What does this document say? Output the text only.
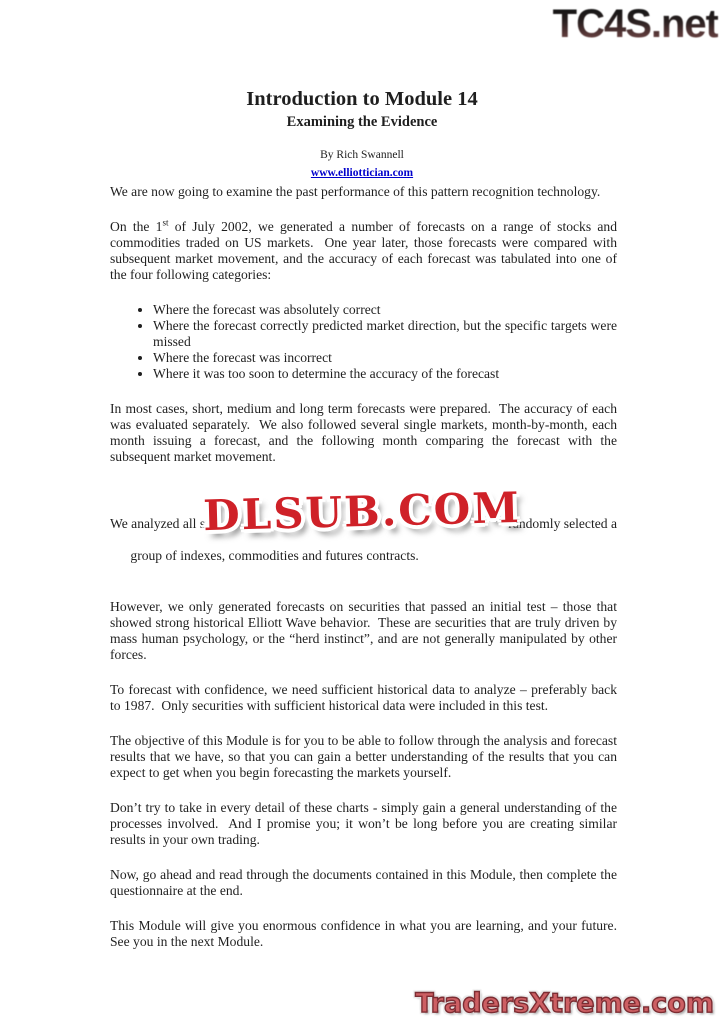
TC4S.net
Introduction to Module 14
Examining the Evidence
By Rich Swannell
www.elliottician.com

We are now going to examine the past performance of this pattern recognition technology.

On the 1st of July 2002, we generated a number of forecasts on a range of stocks and commodities traded on US markets.  One year later, those forecasts were compared with subsequent market movement, and the accuracy of each forecast was tabulated into one of the four following categories:

• Where the forecast was absolutely correct
• Where the forecast correctly predicted market direction, but the specific targets were missed
• Where the forecast was incorrect
• Where it was too soon to determine the accuracy of the forecast

In most cases, short, medium and long term forecasts were prepared.  The accuracy of each was evaluated separately.  We also followed several single markets, month-by-month, each month issuing a forecast, and the following month comparing the forecast with the subsequent market movement.

We analyzed all sto	randomly selected a

group of indexes, commodities and futures contracts.

However, we only generated forecasts on securities that passed an initial test – those that showed strong historical Elliott Wave behavior.  These are securities that are truly driven by mass human psychology, or the “herd instinct”, and are not generally manipulated by other forces.

To forecast with confidence, we need sufficient historical data to analyze – preferably back to 1987.  Only securities with sufficient historical data were included in this test.

The objective of this Module is for you to be able to follow through the analysis and forecast results that we have, so that you can gain a better understanding of the results that you can expect to get when you begin forecasting the markets yourself.

Don’t try to take in every detail of these charts - simply gain a general understanding of the processes involved.  And I promise you; it won’t be long before you are creating similar results in your own trading.

Now, go ahead and read through the documents contained in this Module, then complete the questionnaire at the end.

This Module will give you enormous confidence in what you are learning, and your future.  See you in the next Module.

DLSUB.COM
TradersXtreme.com
